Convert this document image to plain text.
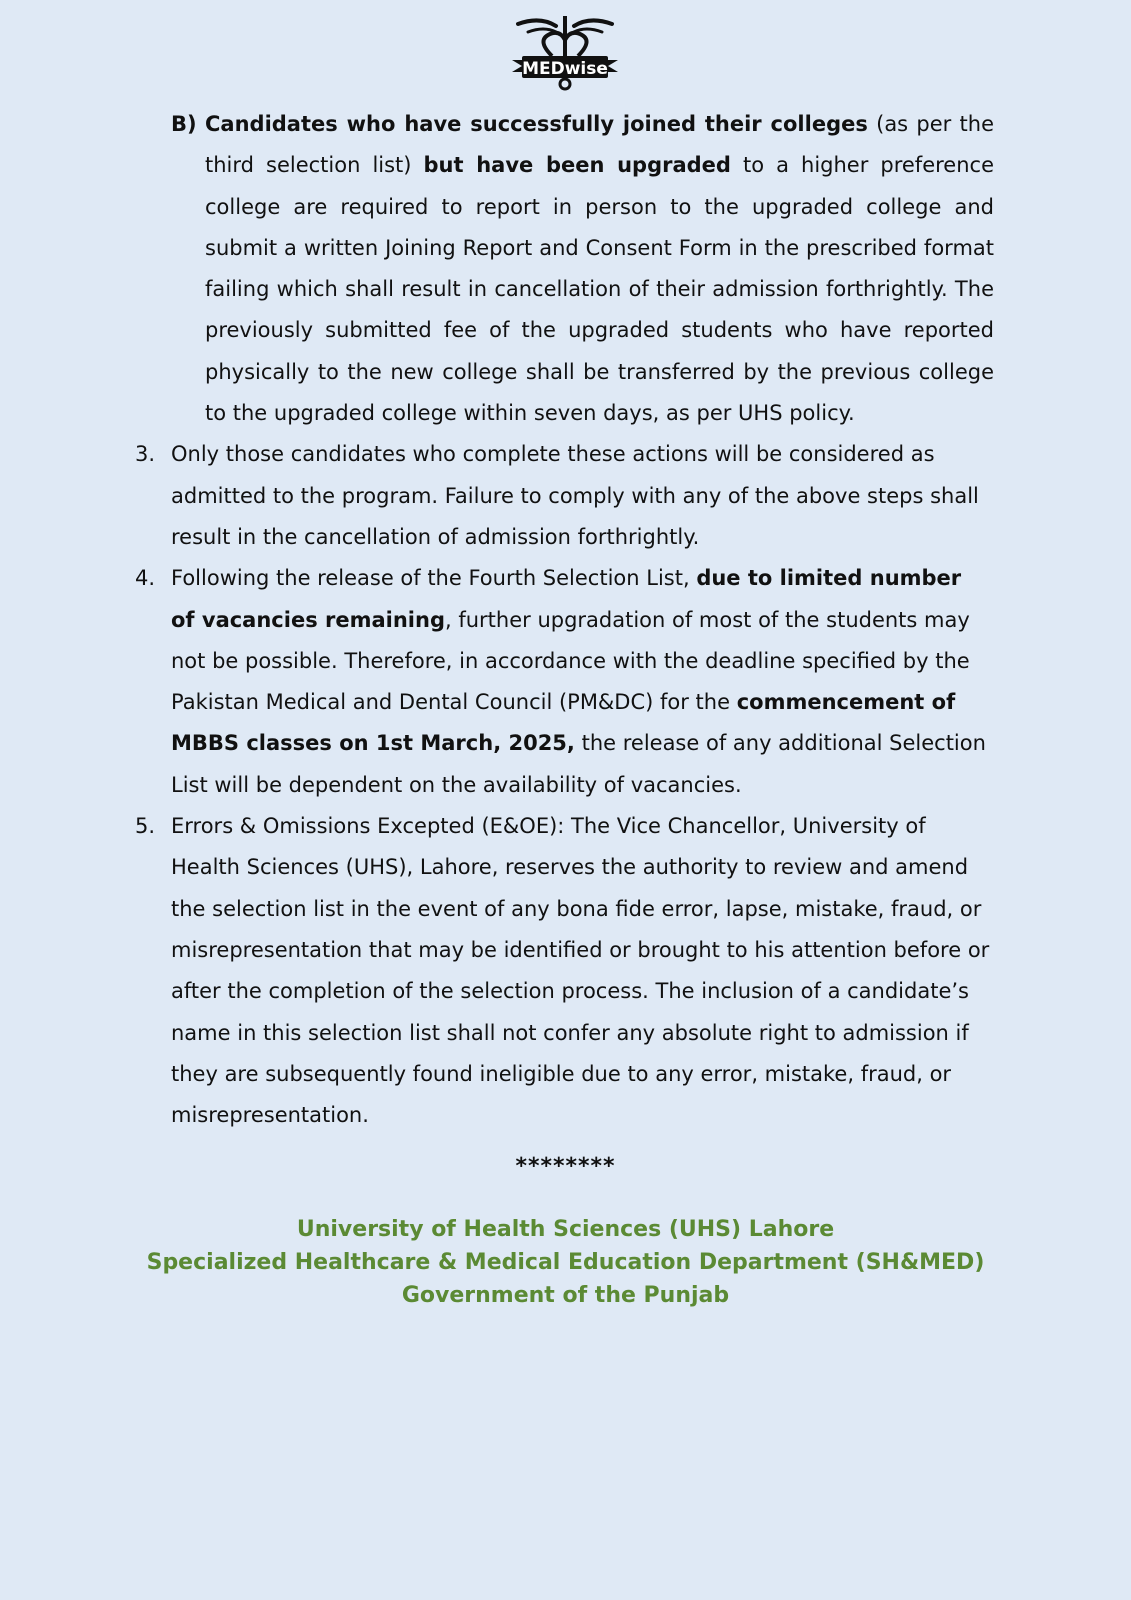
MEDwise
B) Candidates who have successfully joined their colleges (as per the third selection list) but have been upgraded to a higher preference college are required to report in person to the upgraded college and submit a written Joining Report and Consent Form in the prescribed format failing which shall result in cancellation of their admission forthrightly. The previously submitted fee of the upgraded students who have reported physically to the new college shall be transferred by the previous college to the upgraded college within seven days, as per UHS policy.
3. Only those candidates who complete these actions will be considered as admitted to the program. Failure to comply with any of the above steps shall result in the cancellation of admission forthrightly.
4. Following the release of the Fourth Selection List, due to limited number of vacancies remaining, further upgradation of most of the students may not be possible. Therefore, in accordance with the deadline specified by the Pakistan Medical and Dental Council (PM&DC) for the commencement of MBBS classes on 1st March, 2025, the release of any additional Selection List will be dependent on the availability of vacancies.
5. Errors & Omissions Excepted (E&OE): The Vice Chancellor, University of Health Sciences (UHS), Lahore, reserves the authority to review and amend the selection list in the event of any bona fide error, lapse, mistake, fraud, or misrepresentation that may be identified or brought to his attention before or after the completion of the selection process. The inclusion of a candidate’s name in this selection list shall not confer any absolute right to admission if they are subsequently found ineligible due to any error, mistake, fraud, or misrepresentation.
********
University of Health Sciences (UHS) Lahore
Specialized Healthcare & Medical Education Department (SH&MED)
Government of the Punjab
